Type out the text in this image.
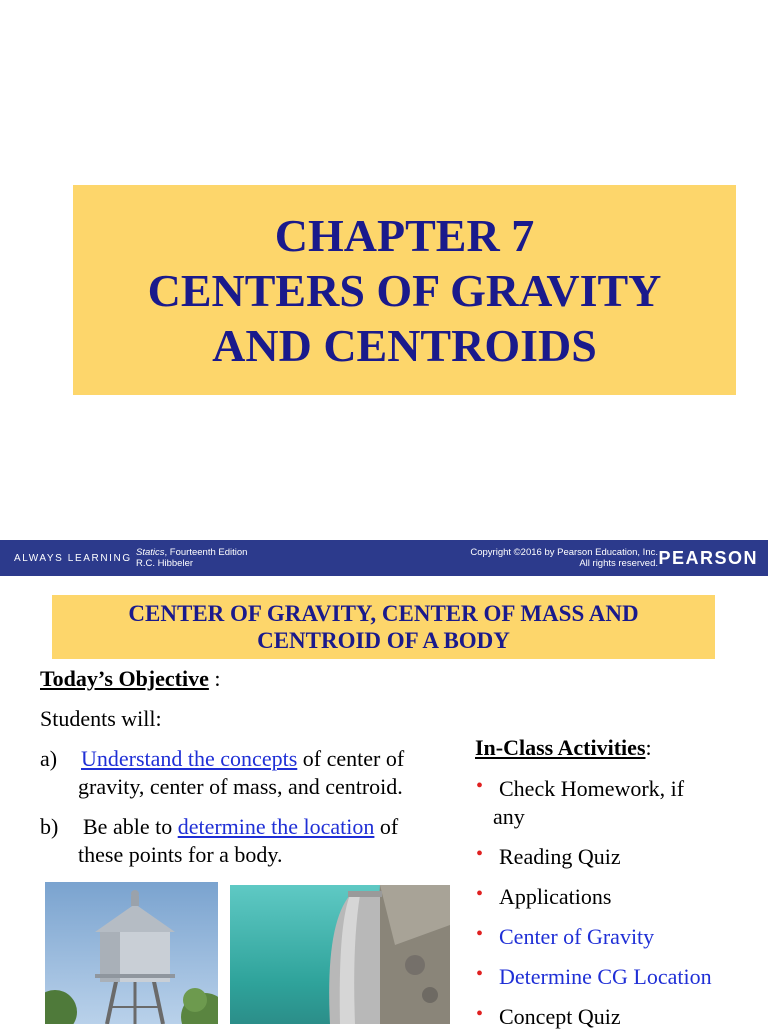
CHAPTER 7
CENTERS OF GRAVITY
AND CENTROIDS
ALWAYS LEARNING
Statics, Fourteenth Edition
R.C. Hibbeler
Copyright ©2016 by Pearson Education, Inc.
All rights reserved. PEARSON
CENTER OF GRAVITY, CENTER OF MASS AND
CENTROID OF A BODY
Today’s Objective :
Students will:
a) Understand the concepts of center of
gravity, center of mass, and centroid.
b) Be able to determine the location of
these points for a body.
In-Class Activities:
• Check Homework, if
any
• Reading Quiz
• Applications
• Center of Gravity
• Determine CG Location
• Concept Quiz
